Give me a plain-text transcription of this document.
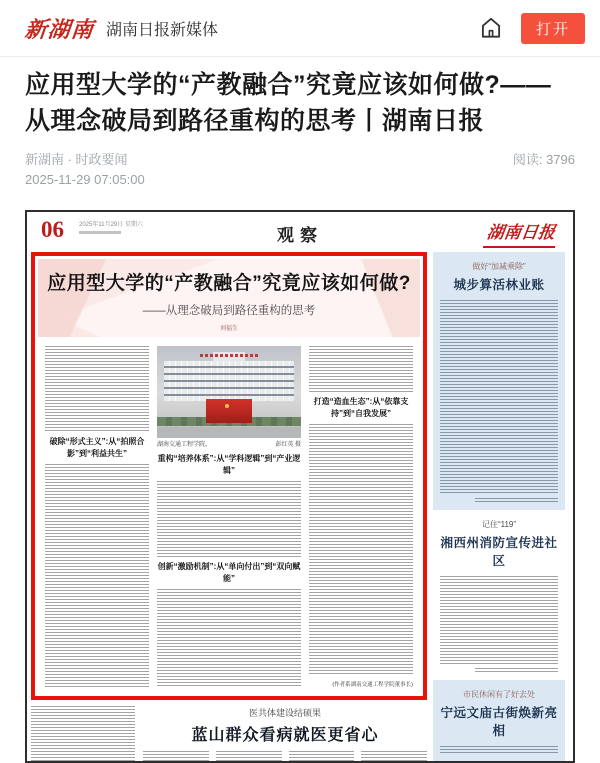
新湖南 湖南日报新媒体	打开
应用型大学的“产教融合”究竟应该如何做?——从理念破局到路径重构的思考丨湖南日报
新湖南 · 时政要闻	阅读: 3796
2025-11-29 07:05:00
06	2025年11月29日 星期六
观察	湖南日报
应用型大学的“产教融合”究竟应该如何做?
——从理念破局到路径重构的思考
刘福生
破除“形式主义”:从“拍照合影”到“利益共生”
湖南交通工程学院。	彭红英 摄
重构“培养体系”:从“学科逻辑”到“产业逻辑”
创新“激励机制”:从“单向付出”到“双向赋能”
打造“造血生态”:从“依靠支持”到“自我发展”
(作者系湖南交通工程学院董事长)
做好“加减乘除”
城步算活林业账
记住“119”
湘西州消防宣传进社区
市民休闲有了好去处
宁远文庙古街焕新亮相
医共体建设结硕果
蓝山群众看病就医更省心
